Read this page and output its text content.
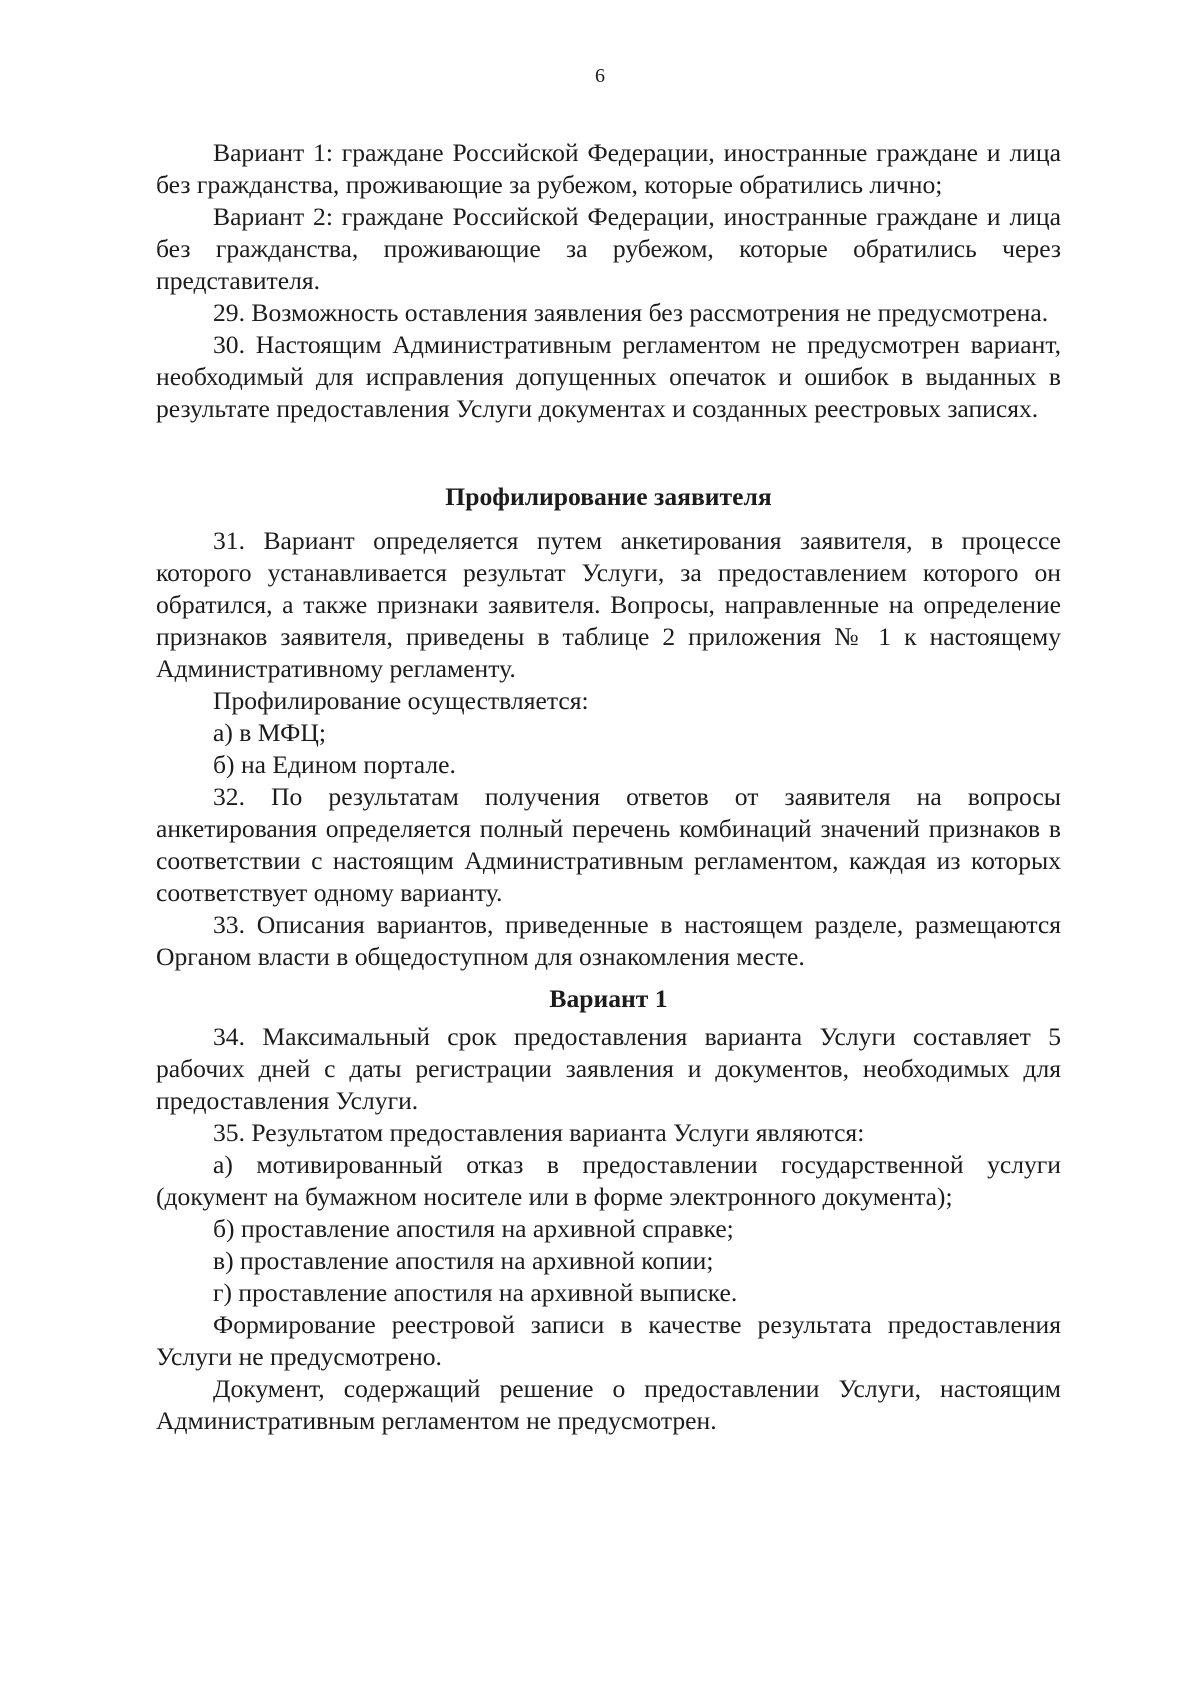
6

Вариант 1: граждане Российской Федерации, иностранные граждане и лица без гражданства, проживающие за рубежом, которые обратились лично;

Вариант 2: граждане Российской Федерации, иностранные граждане и лица без гражданства, проживающие за рубежом, которые обратились через представителя.

29. Возможность оставления заявления без рассмотрения не предусмотрена.

30. Настоящим Административным регламентом не предусмотрен вариант, необходимый для исправления допущенных опечаток и ошибок в выданных в результате предоставления Услуги документах и созданных реестровых записях.

Профилирование заявителя

31. Вариант определяется путем анкетирования заявителя, в процессе которого устанавливается результат Услуги, за предоставлением которого он обратился, а также признаки заявителя. Вопросы, направленные на определение признаков заявителя, приведены в таблице 2 приложения № 1 к настоящему Административному регламенту.

Профилирование осуществляется:

а) в МФЦ;

б) на Едином портале.

32. По результатам получения ответов от заявителя на вопросы анкетирования определяется полный перечень комбинаций значений признаков в соответствии с настоящим Административным регламентом, каждая из которых соответствует одному варианту.

33. Описания вариантов, приведенные в настоящем разделе, размещаются Органом власти в общедоступном для ознакомления месте.

Вариант 1

34. Максимальный срок предоставления варианта Услуги составляет 5 рабочих дней с даты регистрации заявления и документов, необходимых для предоставления Услуги.

35. Результатом предоставления варианта Услуги являются:

а) мотивированный отказ в предоставлении государственной услуги (документ на бумажном носителе или в форме электронного документа);

б) проставление апостиля на архивной справке;

в) проставление апостиля на архивной копии;

г) проставление апостиля на архивной выписке.

Формирование реестровой записи в качестве результата предоставления Услуги не предусмотрено.

Документ, содержащий решение о предоставлении Услуги, настоящим Административным регламентом не предусмотрен.
